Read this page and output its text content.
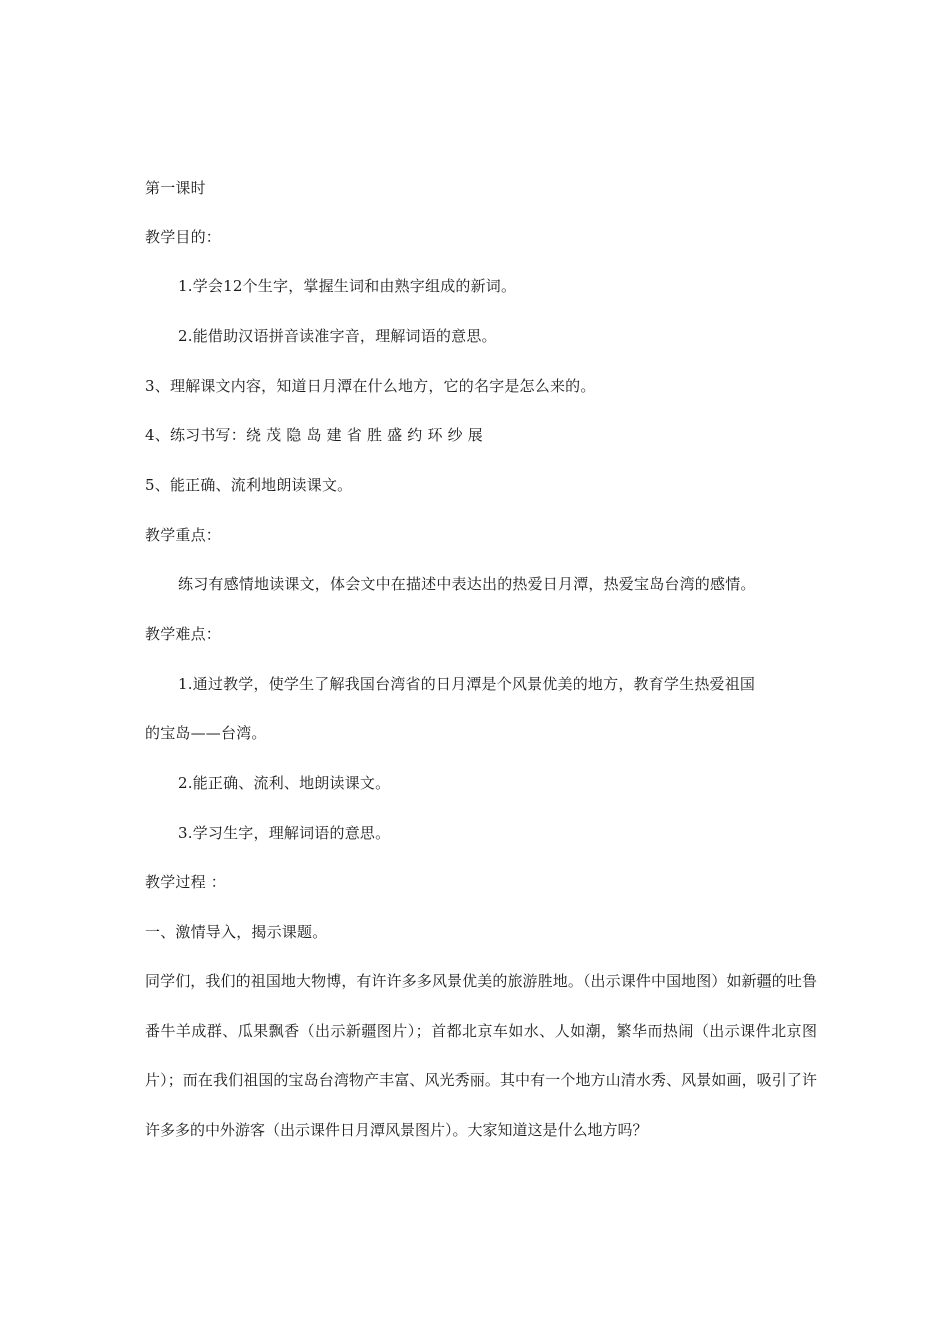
第一课时
教学目的：
1.学会12个生字，掌握生词和由熟字组成的新词。
2.能借助汉语拼音读准字音，理解词语的意思。
3、理解课文内容，知道日月潭在什么地方，它的名字是怎么来的。
4、练习书写：绕 茂 隐 岛 建 省 胜 盛 约 环 纱 展
5、能正确、流利地朗读课文。
教学重点：
练习有感情地读课文，体会文中在描述中表达出的热爱日月潭，热爱宝岛台湾的感情。
教学难点：
1.通过教学，使学生了解我国台湾省的日月潭是个风景优美的地方，教育学生热爱祖国
的宝岛——台湾。
2.能正确、流利、地朗读课文。
3.学习生字，理解词语的意思。
教学过程 ：
一、激情导入，揭示课题。
同学们，我们的祖国地大物博，有许许多多风景优美的旅游胜地。（出示课件中国地图）如新疆的吐鲁番牛羊成群、瓜果飘香（出示新疆图片）；首都北京车如水、人如潮，繁华而热闹（出示课件北京图片）；而在我们祖国的宝岛台湾物产丰富、风光秀丽。其中有一个地方山清水秀、风景如画，吸引了许许多多的中外游客（出示课件日月潭风景图片）。大家知道这是什么地方吗？
